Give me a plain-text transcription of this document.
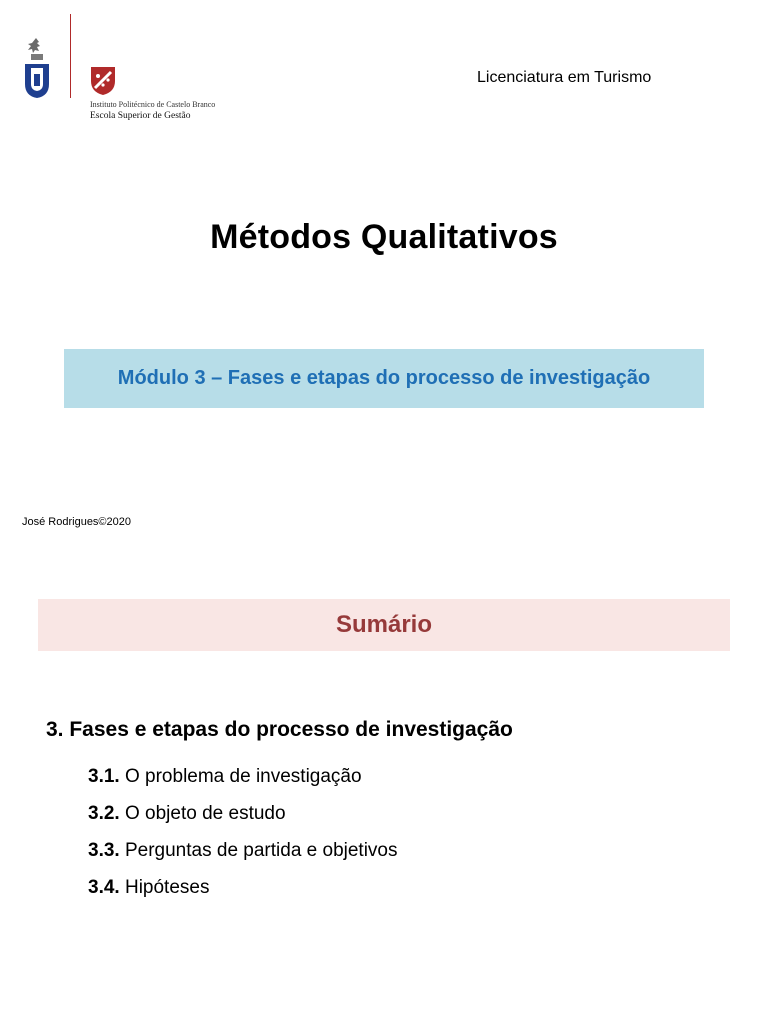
Instituto Politécnico de Castelo Branco
Escola Superior de Gestão
Licenciatura em Turismo
Métodos Qualitativos
Módulo 3 – Fases e etapas do processo de investigação
José Rodrigues©2020
Sumário
3. Fases e etapas do processo de investigação
3.1. O problema de investigação
3.2. O objeto de estudo
3.3. Perguntas de partida e objetivos
3.4. Hipóteses
